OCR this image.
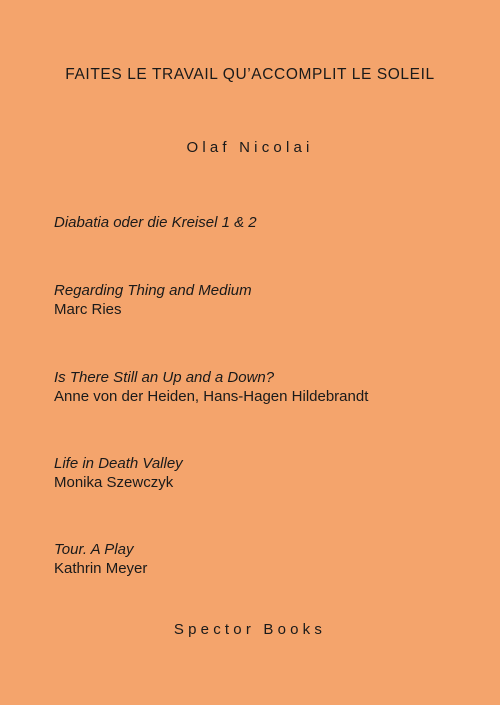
FAITES LE TRAVAIL QU’ACCOMPLIT LE SOLEIL
Olaf Nicolai
Diabatia oder die Kreisel 1 & 2
Regarding Thing and Medium
Marc Ries
Is There Still an Up and a Down?
Anne von der Heiden, Hans-Hagen Hildebrandt
Life in Death Valley
Monika Szewczyk
Tour. A Play
Kathrin Meyer

Spector Books
